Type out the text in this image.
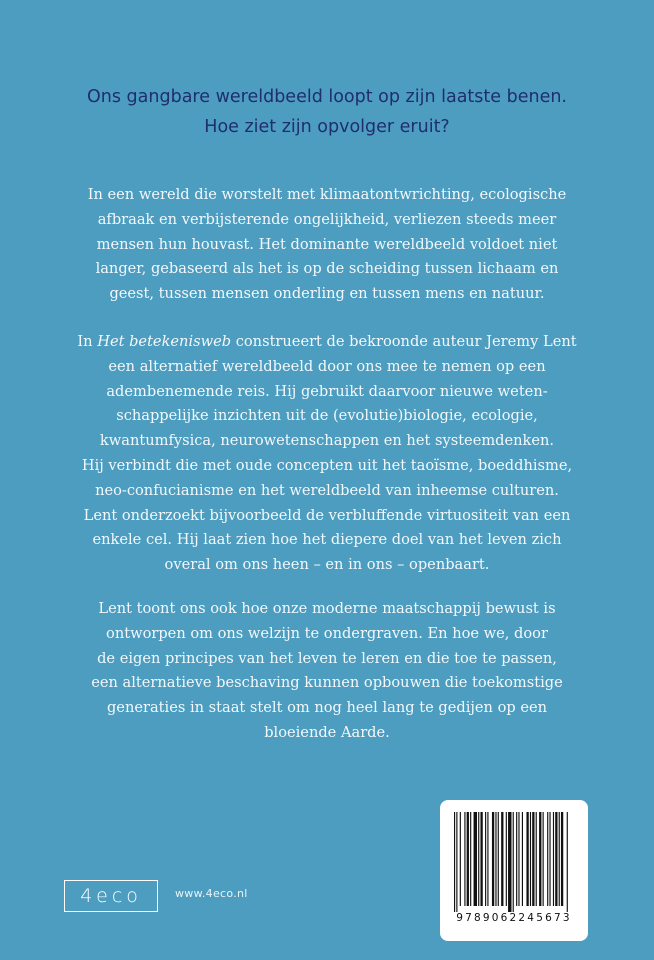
Ons gangbare wereldbeeld loopt op zijn laatste benen.
Hoe ziet zijn opvolger eruit?
In een wereld die worstelt met klimaatontwrichting, ecologische
afbraak en verbijsterende ongelijkheid, verliezen steeds meer
mensen hun houvast. Het dominante wereldbeeld voldoet niet
langer, gebaseerd als het is op de scheiding tussen lichaam en
geest, tussen mensen onderling en tussen mens en natuur.
In Het betekenisweb construeert de bekroonde auteur Jeremy Lent
een alternatief wereldbeeld door ons mee te nemen op een
adembenemende reis. Hij gebruikt daarvoor nieuwe weten-
schappelijke inzichten uit de (evolutie)biologie, ecologie,
kwantumfysica, neurowetenschappen en het systeemdenken.
Hij verbindt die met oude concepten uit het taoïsme, boeddhisme,
neo-confucianisme en het wereldbeeld van inheemse culturen.
Lent onderzoekt bijvoorbeeld de verbluffende virtuositeit van een
enkele cel. Hij laat zien hoe het diepere doel van het leven zich
overal om ons heen – en in ons – openbaart.
Lent toont ons ook hoe onze moderne maatschappij bewust is
ontworpen om ons welzijn te ondergraven. En hoe we, door
de eigen principes van het leven te leren en die toe te passen,
een alternatieve beschaving kunnen opbouwen die toekomstige
generaties in staat stelt om nog heel lang te gedijen op een
bloeiende Aarde.
4eco	www.4eco.nl
9789062245673
